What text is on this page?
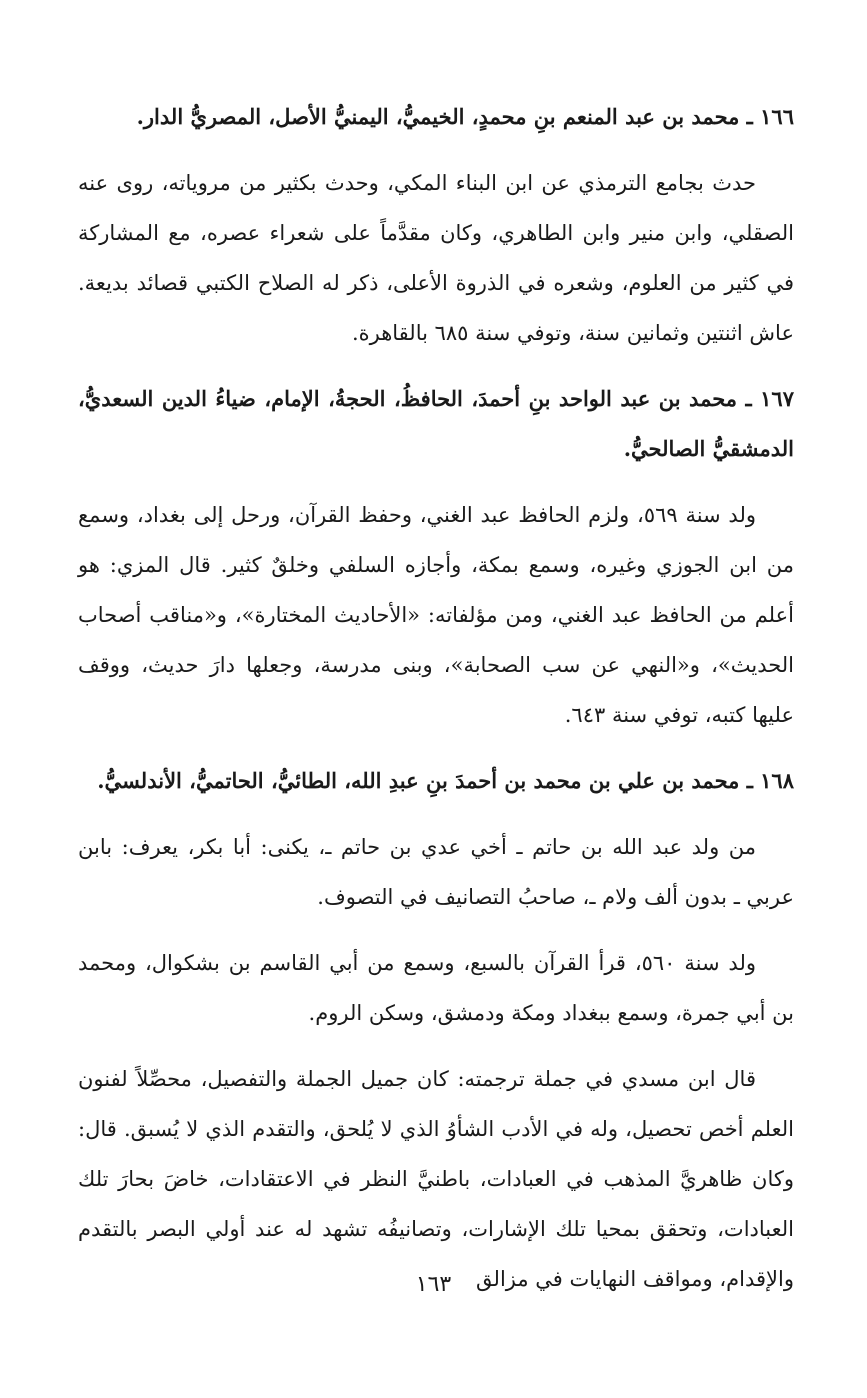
١٦٦ ـ محمد بن عبد المنعم بنِ محمدٍ، الخيميُّ، اليمنيُّ الأصل، المصريُّ الدار.

حدث بجامع الترمذي عن ابن البناء المكي، وحدث بكثير من مروياته، روى عنه الصقلي، وابن منير وابن الطاهري، وكان مقدَّماً على شعراء عصره، مع المشاركة في كثير من العلوم، وشعره في الذروة الأعلى، ذكر له الصلاح الكتبي قصائد بديعة. عاش اثنتين وثمانين سنة، وتوفي سنة ٦٨٥ بالقاهرة.

١٦٧ ـ محمد بن عبد الواحد بنِ أحمدَ، الحافظُ، الحجةُ، الإمام، ضياءُ الدين السعديُّ، الدمشقيُّ الصالحيُّ.

ولد سنة ٥٦٩، ولزم الحافظ عبد الغني، وحفظ القرآن، ورحل إلى بغداد، وسمع من ابن الجوزي وغيره، وسمع بمكة، وأجازه السلفي وخلقٌ كثير. قال المزي: هو أعلم من الحافظ عبد الغني، ومن مؤلفاته: «الأحاديث المختارة»، و«مناقب أصحاب الحديث»، و«النهي عن سب الصحابة»، وبنى مدرسة، وجعلها دارَ حديث، ووقف عليها كتبه، توفي سنة ٦٤٣.

١٦٨ ـ محمد بن علي بن محمد بن أحمدَ بنِ عبدِ الله، الطائيُّ، الحاتميُّ، الأندلسيُّ.

من ولد عبد الله بن حاتم ـ أخي عدي بن حاتم ـ، يكنى: أبا بكر، يعرف: بابن عربي ـ بدون ألف ولام ـ، صاحبُ التصانيف في التصوف.

ولد سنة ٥٦٠، قرأ القرآن بالسبع، وسمع من أبي القاسم بن بشكوال، ومحمد بن أبي جمرة، وسمع ببغداد ومكة ودمشق، وسكن الروم.

قال ابن مسدي في جملة ترجمته: كان جميل الجملة والتفصيل، محصِّلاً لفنون العلم أخص تحصيل، وله في الأدب الشأوُ الذي لا يُلحق، والتقدم الذي لا يُسبق. قال: وكان ظاهريَّ المذهب في العبادات، باطنيَّ النظر في الاعتقادات، خاضَ بحارَ تلك العبادات، وتحقق بمحيا تلك الإشارات، وتصانيفُه تشهد له عند أولي البصر بالتقدم والإقدام، ومواقف النهايات في مزالق

١٦٣
